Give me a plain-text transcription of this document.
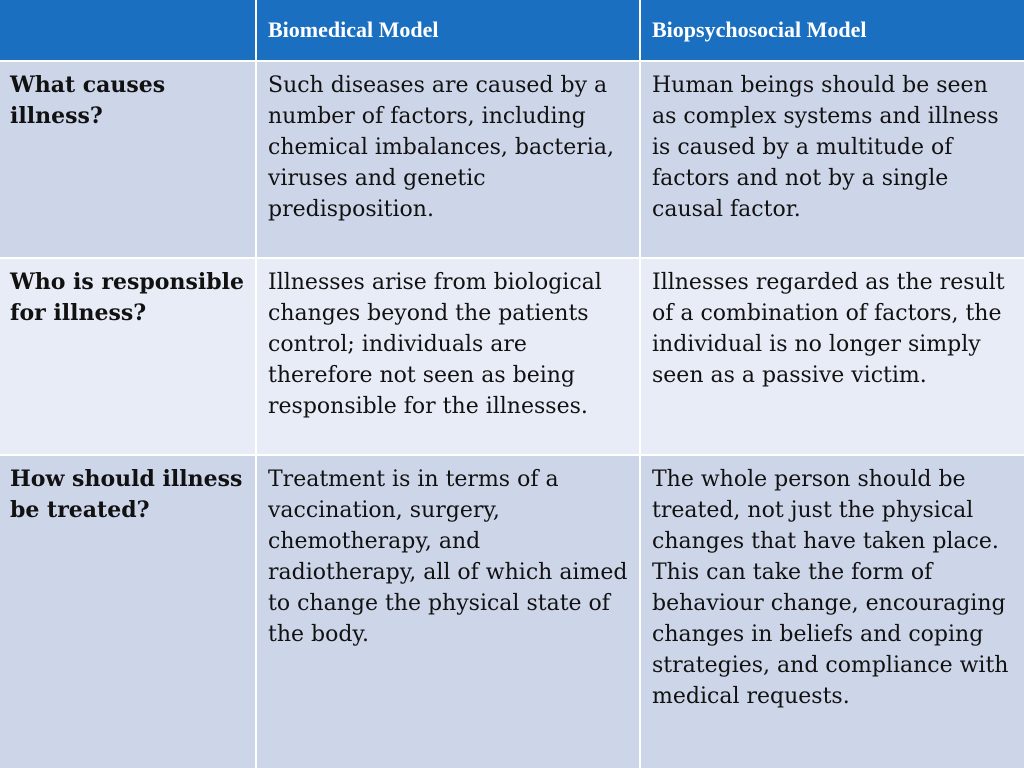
Biomedical Model	Biopsychosocial Model
What causes illness?
Such diseases are caused by a number of factors, including chemical imbalances, bacteria, viruses and genetic predisposition.
Human beings should be seen as complex systems and illness is caused by a multitude of factors and not by a single causal factor.
Who is responsible for illness?
Illnesses arise from biological changes beyond the patients control; individuals are therefore not seen as being responsible for the illnesses.
Illnesses regarded as the result of a combination of factors, the individual is no longer simply seen as a passive victim.
How should illness be treated?
Treatment is in terms of a vaccination, surgery, chemotherapy, and radiotherapy, all of which aimed to change the physical state of the body.
The whole person should be treated, not just the physical changes that have taken place. This can take the form of behaviour change, encouraging changes in beliefs and coping strategies, and compliance with medical requests.
